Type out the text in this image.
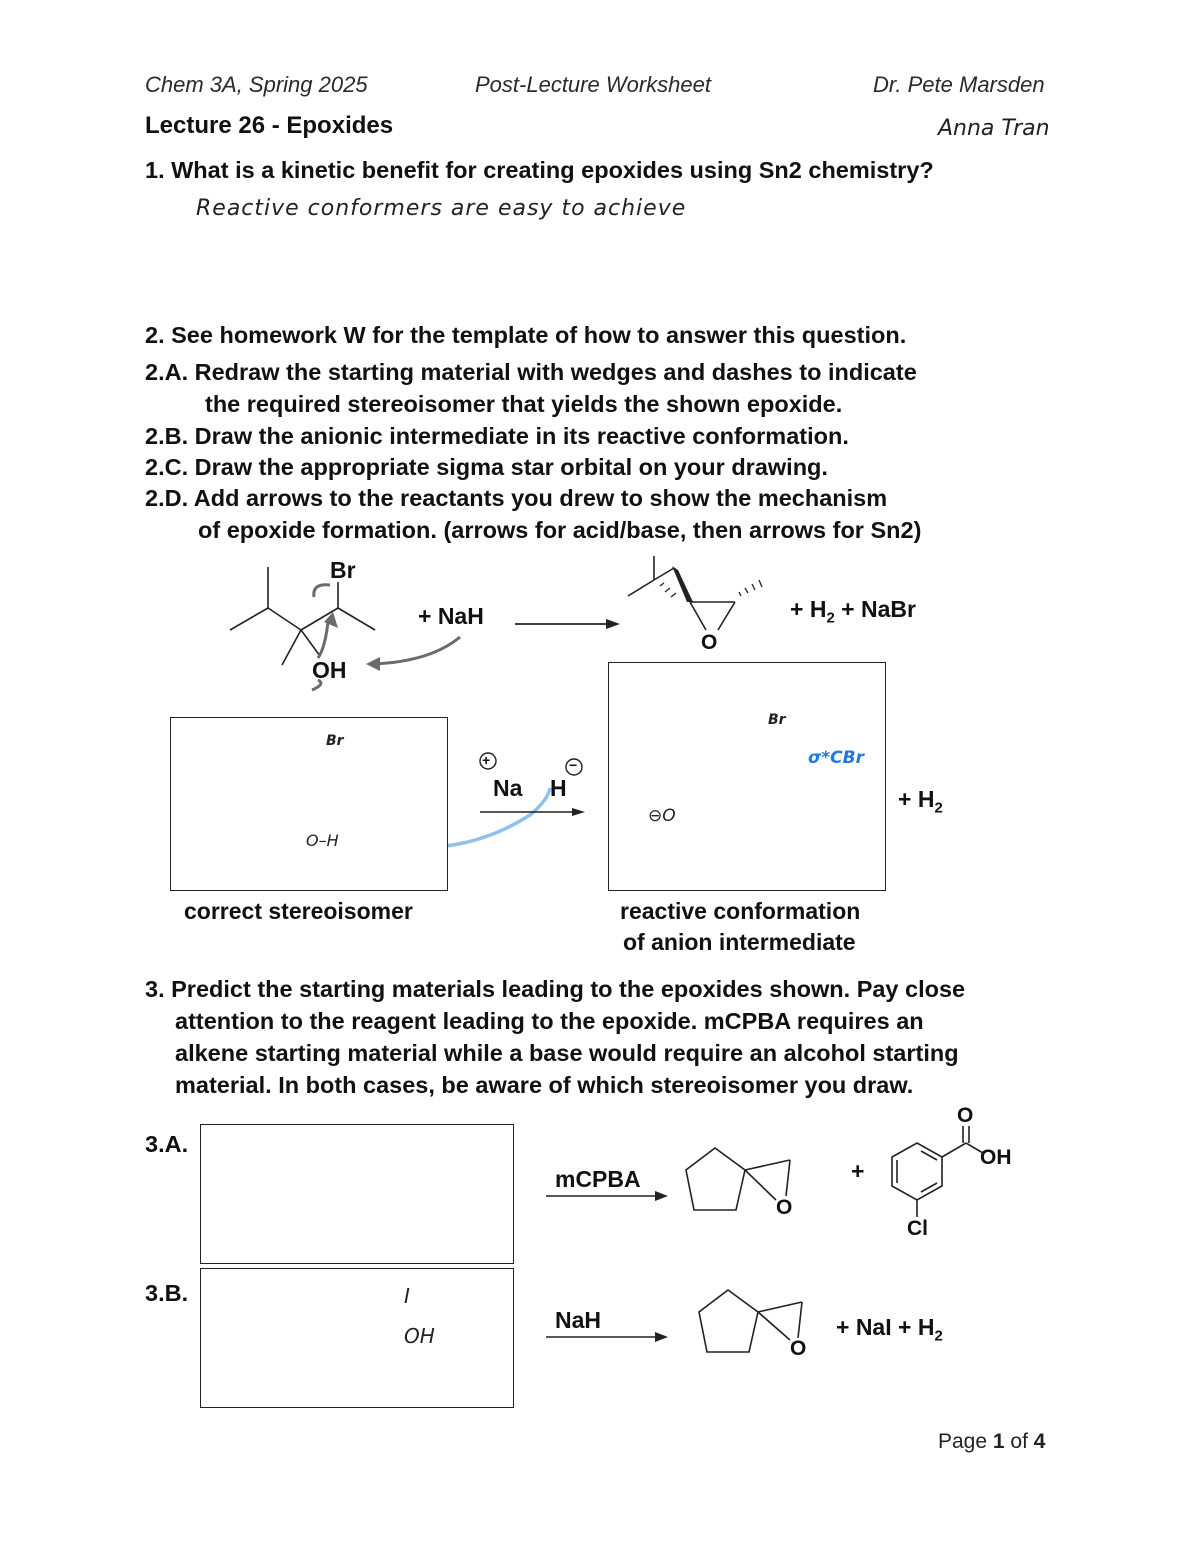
Chem 3A, Spring 2025	Post-Lecture Worksheet	Dr. Pete Marsden
Lecture 26 - Epoxides	Anna Tran
1. What is a kinetic benefit for creating epoxides using Sn2 chemistry?
Reactive conformers are easy to achieve
2. See homework W for the template of how to answer this question.
2.A. Redraw the starting material with wedges and dashes to indicate
the required stereoisomer that yields the shown epoxide.
2.B. Draw the anionic intermediate in its reactive conformation.
2.C. Draw the appropriate sigma star orbital on your drawing.
2.D. Add arrows to the reactants you drew to show the mechanism
of epoxide formation. (arrows for acid/base, then arrows for Sn2)
Br
OH
+ NaH
O
+ $H_2$ + NaBr
Br
O–H
Br
⊖O
σ*CBr
+	−
Na H	+ $H_2$
correct stereoisomer	reactive conformation
of anion intermediate
3. Predict the starting materials leading to the epoxides shown. Pay close
attention to the reagent leading to the epoxide. mCPBA requires an
alkene starting material while a base would require an alcohol starting
material. In both cases, be aware of which stereoisomer you draw.
3.A.
mCPBA
O
+
O
OH
Cl
3.B.	I
OH
NaH
O
+ NaI + $H_2$
Page 1 of 4
